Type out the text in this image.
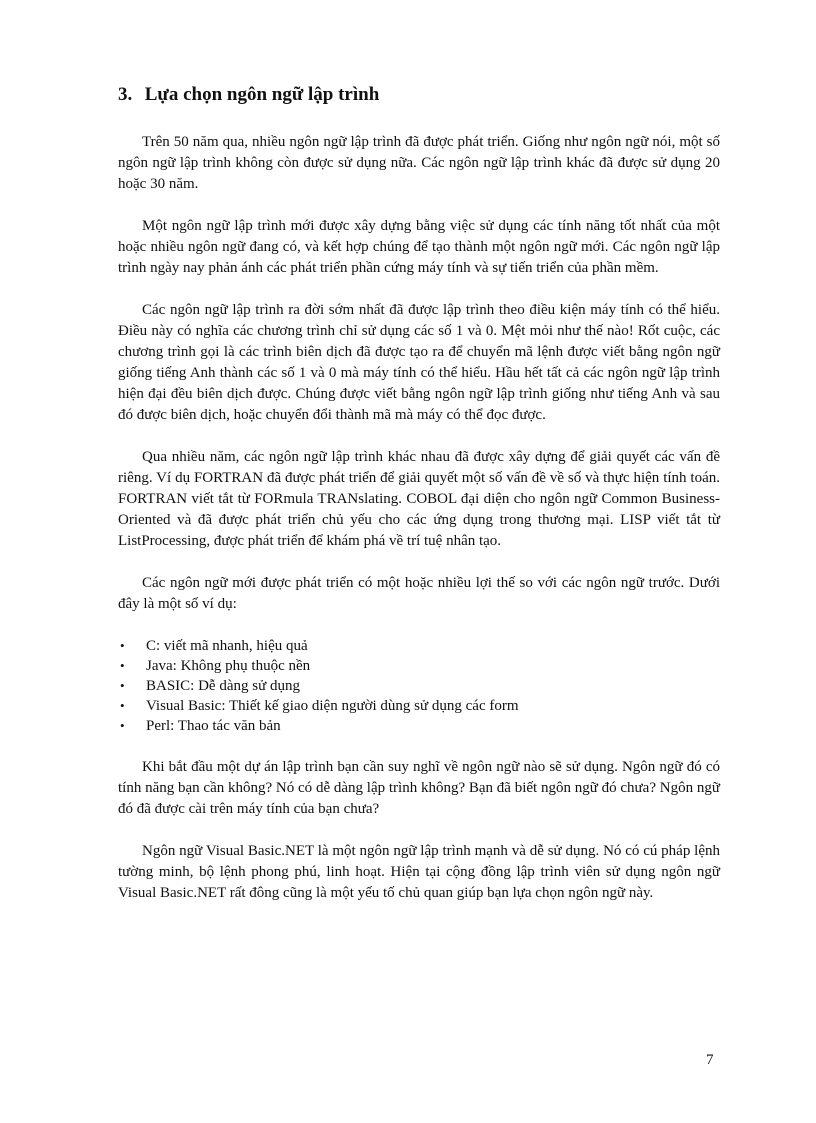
3. Lựa chọn ngôn ngữ lập trình

Trên 50 năm qua, nhiều ngôn ngữ lập trình đã được phát triển. Giống như ngôn ngữ nói, một số ngôn ngữ lập trình không còn được sử dụng nữa. Các ngôn ngữ lập trình khác đã được sử dụng 20 hoặc 30 năm.

Một ngôn ngữ lập trình mới được xây dựng bằng việc sử dụng các tính năng tốt nhất của một hoặc nhiều ngôn ngữ đang có, và kết hợp chúng để tạo thành một ngôn ngữ mới. Các ngôn ngữ lập trình ngày nay phản ánh các phát triển phần cứng máy tính và sự tiến triển của phần mềm.

Các ngôn ngữ lập trình ra đời sớm nhất đã được lập trình theo điều kiện máy tính có thể hiểu. Điều này có nghĩa các chương trình chỉ sử dụng các số 1 và 0. Mệt mỏi như thế nào! Rốt cuộc, các chương trình gọi là các trình biên dịch đã được tạo ra để chuyển mã lệnh được viết bằng ngôn ngữ giống tiếng Anh thành các số 1 và 0 mà máy tính có thể hiểu. Hầu hết tất cả các ngôn ngữ lập trình hiện đại đều biên dịch được. Chúng được viết bằng ngôn ngữ lập trình giống như tiếng Anh và sau đó được biên dịch, hoặc chuyển đổi thành mã mà máy có thể đọc được.

Qua nhiều năm, các ngôn ngữ lập trình khác nhau đã được xây dựng để giải quyết các vấn đề riêng. Ví dụ FORTRAN đã được phát triển để giải quyết một số vấn đề về số và thực hiện tính toán. FORTRAN viết tắt từ FORmula TRANslating. COBOL đại diện cho ngôn ngữ Common Business-Oriented và đã được phát triển chủ yếu cho các ứng dụng trong thương mại. LISP viết tắt từ ListProcessing, được phát triển để khám phá về trí tuệ nhân tạo.

Các ngôn ngữ mới được phát triển có một hoặc nhiều lợi thế so với các ngôn ngữ trước. Dưới đây là một số ví dụ:

•	C: viết mã nhanh, hiệu quả
•	Java: Không phụ thuộc nền
•	BASIC: Dễ dàng sử dụng
•	Visual Basic: Thiết kế giao diện người dùng sử dụng các form
•	Perl: Thao tác văn bản

Khi bắt đầu một dự án lập trình bạn cần suy nghĩ về ngôn ngữ nào sẽ sử dụng. Ngôn ngữ đó có tính năng bạn cần không? Nó có dễ dàng lập trình không? Bạn đã biết ngôn ngữ đó chưa? Ngôn ngữ đó đã được cài trên máy tính của bạn chưa?

Ngôn ngữ Visual Basic.NET là một ngôn ngữ lập trình mạnh và dễ sử dụng. Nó có cú pháp lệnh tường minh, bộ lệnh phong phú, linh hoạt. Hiện tại cộng đồng lập trình viên sử dụng ngôn ngữ Visual Basic.NET rất đông cũng là một yếu tố chủ quan giúp bạn lựa chọn ngôn ngữ này.

7
